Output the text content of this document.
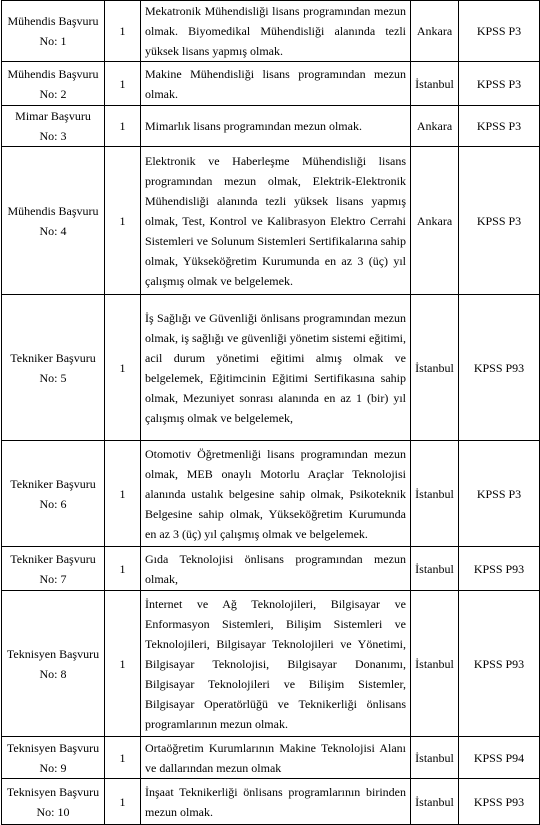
Mühendis Başvuru No: 1	1	Mekatronik Mühendisliği lisans programından mezun olmak. Biyomedikal Mühendisliği alanında tezli yüksek lisans yapmış olmak.	Ankara	KPSS P3
Mühendis Başvuru No: 2	1	Makine Mühendisliği lisans programından mezun olmak.	İstanbul	KPSS P3
Mimar Başvuru No: 3	1	Mimarlık lisans programından mezun olmak.	Ankara	KPSS P3
Mühendis Başvuru No: 4	1	Elektronik ve Haberleşme Mühendisliği lisans programından mezun olmak, Elektrik-Elektronik Mühendisliği alanında tezli yüksek lisans yapmış olmak, Test, Kontrol ve Kalibrasyon Elektro Cerrahi Sistemleri ve Solunum Sistemleri Sertifikalarına sahip olmak, Yükseköğretim Kurumunda en az 3 (üç) yıl çalışmış olmak ve belgelemek.	Ankara	KPSS P3
Tekniker Başvuru No: 5	1	İş Sağlığı ve Güvenliği önlisans programından mezun olmak, iş sağlığı ve güvenliği yönetim sistemi eğitimi, acil durum yönetimi eğitimi almış olmak ve belgelemek, Eğitimcinin Eğitimi Sertifikasına sahip olmak, Mezuniyet sonrası alanında en az 1 (bir) yıl çalışmış olmak ve belgelemek,	İstanbul	KPSS P93
Tekniker Başvuru No: 6	1	Otomotiv Öğretmenliği lisans programından mezun olmak, MEB onaylı Motorlu Araçlar Teknolojisi alanında ustalık belgesine sahip olmak, Psikoteknik Belgesine sahip olmak, Yükseköğretim Kurumunda en az 3 (üç) yıl çalışmış olmak ve belgelemek.	İstanbul	KPSS P3
Tekniker Başvuru No: 7	1	Gıda Teknolojisi önlisans programından mezun olmak,	İstanbul	KPSS P93
Teknisyen Başvuru No: 8	1	İnternet ve Ağ Teknolojileri, Bilgisayar ve Enformasyon Sistemleri, Bilişim Sistemleri ve Teknolojileri, Bilgisayar Teknolojileri ve Yönetimi, Bilgisayar Teknolojisi, Bilgisayar Donanımı, Bilgisayar Teknolojileri ve Bilişim Sistemler, Bilgisayar Operatörlüğü ve Teknikerliği önlisans programlarının mezun olmak.	İstanbul	KPSS P93
Teknisyen Başvuru No: 9	1	Ortaöğretim Kurumlarının Makine Teknolojisi Alanı ve dallarından mezun olmak	İstanbul	KPSS P94
Teknisyen Başvuru No: 10	1	İnşaat Teknikerliği önlisans programlarının birinden mezun olmak.	İstanbul	KPSS P93
